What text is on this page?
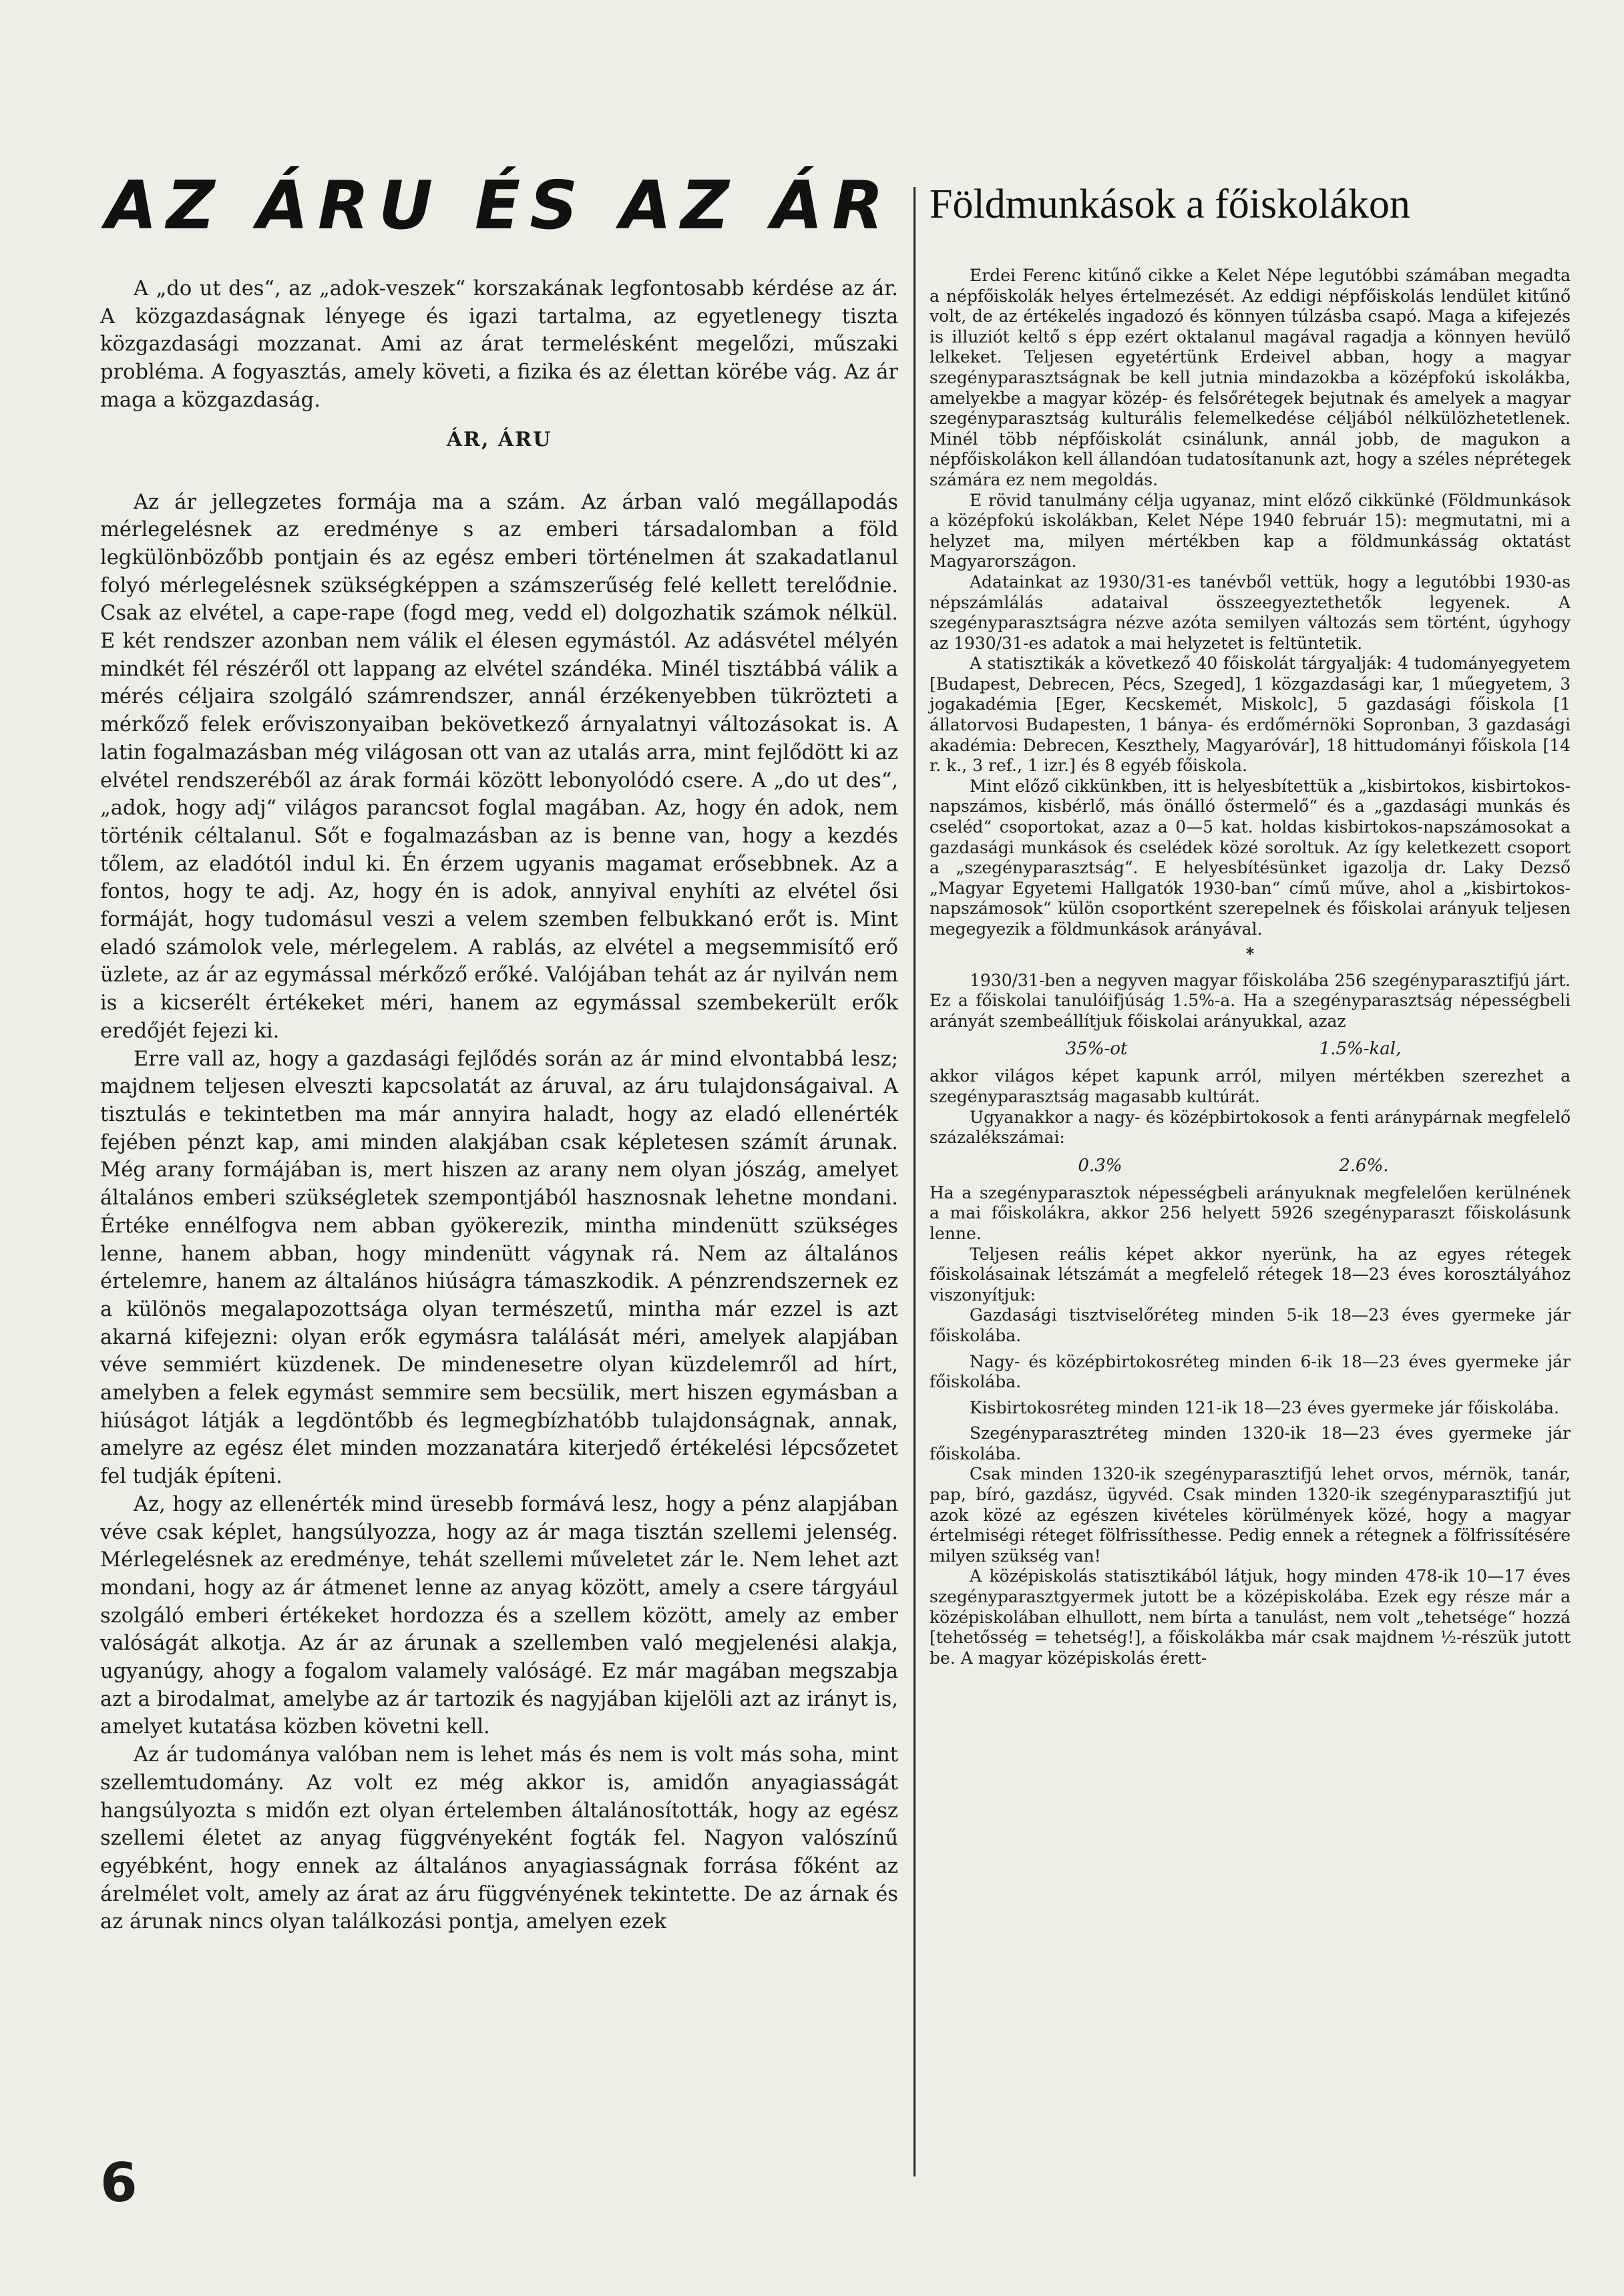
AZ ÁRU ÉS AZ ÁR

A „do ut des“, az „adok-veszek“ korszakának legfontosabb kérdése az ár. A közgazdaságnak lényege és igazi tartalma, az egyetlenegy tiszta közgazdasági mozzanat. Ami az árat termelésként megelőzi, műszaki probléma. A fogyasztás, amely követi, a fizika és az élettan körébe vág. Az ár maga a közgazdaság.

ÁR, ÁRU

Az ár jellegzetes formája ma a szám. Az árban való megállapodás mérlegelésnek az eredménye s az emberi társadalomban a föld legkülönbözőbb pontjain és az egész emberi történelmen át szakadatlanul folyó mérlegelésnek szükségképpen a számszerűség felé kellett terelődnie. Csak az elvétel, a cape-rape (fogd meg, vedd el) dolgozhatik számok nélkül. E két rendszer azonban nem válik el élesen egymástól. Az adásvétel mélyén mindkét fél részéről ott lappang az elvétel szándéka. Minél tisztábbá válik a mérés céljaira szolgáló számrendszer, annál érzékenyebben tükrözteti a mérkőző felek erőviszonyaiban bekövetkező árnyalatnyi változásokat is. A latin fogalmazásban még világosan ott van az utalás arra, mint fejlődött ki az elvétel rendszeréből az árak formái között lebonyolódó csere. A „do ut des“, „adok, hogy adj“ világos parancsot foglal magában. Az, hogy én adok, nem történik céltalanul. Sőt e fogalmazásban az is benne van, hogy a kezdés tőlem, az eladótól indul ki. Én érzem ugyanis magamat erősebbnek. Az a fontos, hogy te adj. Az, hogy én is adok, annyival enyhíti az elvétel ősi formáját, hogy tudomásul veszi a velem szemben felbukkanó erőt is. Mint eladó számolok vele, mérlegelem. A rablás, az elvétel a megsemmisítő erő üzlete, az ár az egymással mérkőző erőké. Valójában tehát az ár nyilván nem is a kicserélt értékeket méri, hanem az egymással szembekerült erők eredőjét fejezi ki.

Erre vall az, hogy a gazdasági fejlődés során az ár mind elvontabbá lesz; majdnem teljesen elveszti kapcsolatát az áruval, az áru tulajdonságaival. A tisztulás e tekintetben ma már annyira haladt, hogy az eladó ellenérték fejében pénzt kap, ami minden alakjában csak képletesen számít árunak. Még arany formájában is, mert hiszen az arany nem olyan jószág, amelyet általános emberi szükségletek szempontjából hasznosnak lehetne mondani. Értéke ennélfogva nem abban gyökerezik, mintha mindenütt szükséges lenne, hanem abban, hogy mindenütt vágynak rá. Nem az általános értelemre, hanem az általános hiúságra támaszkodik. A pénzrendszernek ez a különös megalapozottsága olyan természetű, mintha már ezzel is azt akarná kifejezni: olyan erők egymásra találását méri, amelyek alapjában véve semmiért küzdenek. De mindenesetre olyan küzdelemről ad hírt, amelyben a felek egymást semmire sem becsülik, mert hiszen egymásban a hiúságot látják a legdöntőbb és legmegbízhatóbb tulajdonságnak, annak, amelyre az egész élet minden mozzanatára kiterjedő értékelési lépcsőzetet fel tudják építeni.

Az, hogy az ellenérték mind üresebb formává lesz, hogy a pénz alapjában véve csak képlet, hangsúlyozza, hogy az ár maga tisztán szellemi jelenség. Mérlegelésnek az eredménye, tehát szellemi műveletet zár le. Nem lehet azt mondani, hogy az ár átmenet lenne az anyag között, amely a csere tárgyául szolgáló emberi értékeket hordozza és a szellem között, amely az ember valóságát alkotja. Az ár az árunak a szellemben való megjelenési alakja, ugyanúgy, ahogy a fogalom valamely valóságé. Ez már magában megszabja azt a birodalmat, amelybe az ár tartozik és nagyjában kijelöli azt az irányt is, amelyet kutatása közben követni kell.

Az ár tudománya valóban nem is lehet más és nem is volt más soha, mint szellemtudomány. Az volt ez még akkor is, amidőn anyagiasságát hangsúlyozta s midőn ezt olyan értelemben általánosították, hogy az egész szellemi életet az anyag függvényeként fogták fel. Nagyon valószínű egyébként, hogy ennek az általános anyagiasságnak forrása főként az árelmélet volt, amely az árat az áru függvényének tekintette. De az árnak és az árunak nincs olyan találkozási pontja, amelyen ezek

Földmunkások a főiskolákon

Erdei Ferenc kitűnő cikke a Kelet Népe legutóbbi számában megadta a népfőiskolák helyes értelmezését. Az eddigi népfőiskolás lendület kitűnő volt, de az értékelés ingadozó és könnyen túlzásba csapó. Maga a kifejezés is illuziót keltő s épp ezért oktalanul magával ragadja a könnyen hevülő lelkeket. Teljesen egyetértünk Erdeivel abban, hogy a magyar szegényparasztságnak be kell jutnia mindazokba a középfokú iskolákba, amelyekbe a magyar közép- és felsőrétegek bejutnak és amelyek a magyar szegényparasztság kulturális felemelkedése céljából nélkülözhetetlenek. Minél több népfőiskolát csinálunk, annál jobb, de magukon a népfőiskolákon kell állandóan tudatosítanunk azt, hogy a széles néprétegek számára ez nem megoldás.

E rövid tanulmány célja ugyanaz, mint előző cikkünké (Földmunkások a középfokú iskolákban, Kelet Népe 1940 február 15): megmutatni, mi a helyzet ma, milyen mértékben kap a földmunkásság oktatást Magyarországon.

Adatainkat az 1930/31-es tanévből vettük, hogy a legutóbbi 1930-as népszámlálás adataival összeegyeztethetők legyenek. A szegényparasztságra nézve azóta semilyen változás sem történt, úgyhogy az 1930/31-es adatok a mai helyzetet is feltüntetik.

A statisztikák a következő 40 főiskolát tárgyalják: 4 tudományegyetem [Budapest, Debrecen, Pécs, Szeged], 1 közgazdasági kar, 1 műegyetem, 3 jogakadémia [Eger, Kecskemét, Miskolc], 5 gazdasági főiskola [1 állatorvosi Budapesten, 1 bánya- és erdőmérnöki Sopronban, 3 gazdasági akadémia: Debrecen, Keszthely, Magyaróvár], 18 hittudományi főiskola [14 r. k., 3 ref., 1 izr.] és 8 egyéb főiskola.

Mint előző cikkünkben, itt is helyesbítettük a „kisbirtokos, kisbirtokos-napszámos, kisbérlő, más önálló őstermelő“ és a „gazdasági munkás és cseléd“ csoportokat, azaz a 0—5 kat. holdas kisbirtokos-napszámosokat a gazdasági munkások és cselédek közé soroltuk. Az így keletkezett csoport a „szegényparasztság“. E helyesbítésünket igazolja dr. Laky Dezső „Magyar Egyetemi Hallgatók 1930-ban“ című műve, ahol a „kisbirtokos-napszámosok“ külön csoportként szerepelnek és főiskolai arányuk teljesen megegyezik a földmunkások arányával.

*

1930/31-ben a negyven magyar főiskolába 256 szegényparasztifjú járt. Ez a főiskolai tanulóifjúság 1.5%-a. Ha a szegényparasztság népességbeli arányát szembeállítjuk főiskolai arányukkal, azaz

35%-ot	1.5%-kal,

akkor világos képet kapunk arról, milyen mértékben szerezhet a szegényparasztság magasabb kultúrát.

Ugyanakkor a nagy- és középbirtokosok a fenti aránypárnak megfelelő százalékszámai:

0.3%	2.6%.

Ha a szegényparasztok népességbeli arányuknak megfelelően kerülnének a mai főiskolákra, akkor 256 helyett 5926 szegényparaszt főiskolásunk lenne.

Teljesen reális képet akkor nyerünk, ha az egyes rétegek főiskolásainak létszámát a megfelelő rétegek 18—23 éves korosztályához viszonyítjuk:

Gazdasági tisztviselőréteg minden 5-ik 18—23 éves gyermeke jár főiskolába.

Nagy- és középbirtokosréteg minden 6-ik 18—23 éves gyermeke jár főiskolába.

Kisbirtokosréteg minden 121-ik 18—23 éves gyermeke jár főiskolába.

Szegényparasztréteg minden 1320-ik 18—23 éves gyermeke jár főiskolába.

Csak minden 1320-ik szegényparasztifjú lehet orvos, mérnök, tanár, pap, bíró, gazdász, ügyvéd. Csak minden 1320-ik szegényparasztifjú jut azok közé az egészen kivételes körülmények közé, hogy a magyar értelmiségi réteget fölfrissíthesse. Pedig ennek a rétegnek a fölfrissítésére milyen szükség van!

A középiskolás statisztikából látjuk, hogy minden 478-ik 10—17 éves szegényparasztgyermek jutott be a középiskolába. Ezek egy része már a középiskolában elhullott, nem bírta a tanulást, nem volt „tehetsége“ hozzá [tehetősség = tehetség!], a főiskolákba már csak majdnem ½-részük jutott be. A magyar középiskolás érett-

6
